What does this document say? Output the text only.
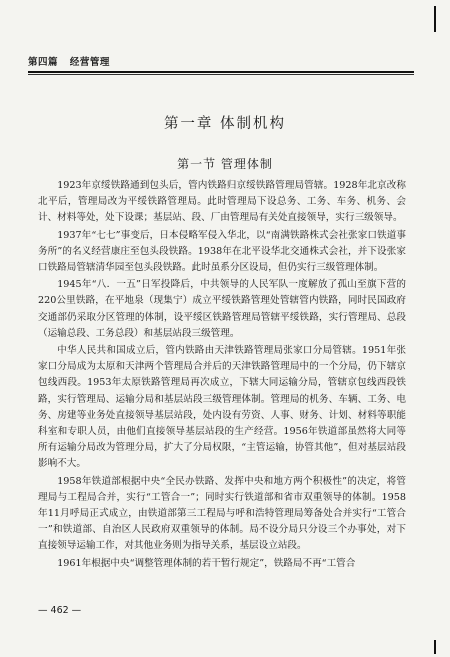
第四篇 经营管理
第一章 体制机构
第一节 管理体制

1923年京绥铁路通到包头后，管内铁路归京绥铁路管理局管辖。1928年北京改称北平后，管理局改为平绥铁路管理局。此时管理局下设总务、工务、车务、机务、会计、材料等处，处下设课；基层站、段、厂由管理局有关处直接领导，实行三级领导。

1937年“七七”事变后，日本侵略军侵入华北，以“南满铁路株式会社张家口铁道事务所”的名义经营康庄至包头段铁路。1938年在北平设华北交通株式会社，并下设张家口铁路局管辖清华园至包头段铁路。此时虽系分区设局，但仍实行三级管理体制。

1945年“八．一五”日军投降后，中共领导的人民军队一度解放了孤山至旗下营的220公里铁路，在平地泉（现集宁）成立平绥铁路管理处管辖管内铁路，同时民国政府交通部仍采取分区管理的体制，设平绥区铁路管理局管辖平绥铁路，实行管理局、总段（运输总段、工务总段）和基层站段三级管理。

中华人民共和国成立后，管内铁路由天津铁路管理局张家口分局管辖。1951年张家口分局成为太原和天津两个管理局合并后的天津铁路管理局中的一个分局，仍下辖京包线西段。1953年太原铁路管理局再次成立，下辖大同运输分局，管辖京包线西段铁路，实行管理局、运输分局和基层站段三级管理体制。管理局的机务、车辆、工务、电务、房建等业务处直接领导基层站段，处内设有劳资、人事、财务、计划、材料等职能科室和专职人员，由他们直接领导基层站段的生产经营。1956年铁道部虽然将大同等所有运输分局改为管理分局，扩大了分局权限，“主管运输，协管其他”，但对基层站段影响不大。

1958年铁道部根据中央“全民办铁路、发挥中央和地方两个积极性”的决定，将管理局与工程局合并，实行“工管合一”；同时实行铁道部和省市双重领导的体制。1958年11月呼局正式成立，由铁道部第三工程局与呼和浩特管理局筹备处合并实行“工管合一”和铁道部、自治区人民政府双重领导的体制。局不设分局只分设三个办事处，对下直接领导运输工作，对其他业务则为指导关系，基层设立站段。

1961年根据中央“调整管理体制的若干暂行规定”，铁路局不再“工管合

— 462 —
